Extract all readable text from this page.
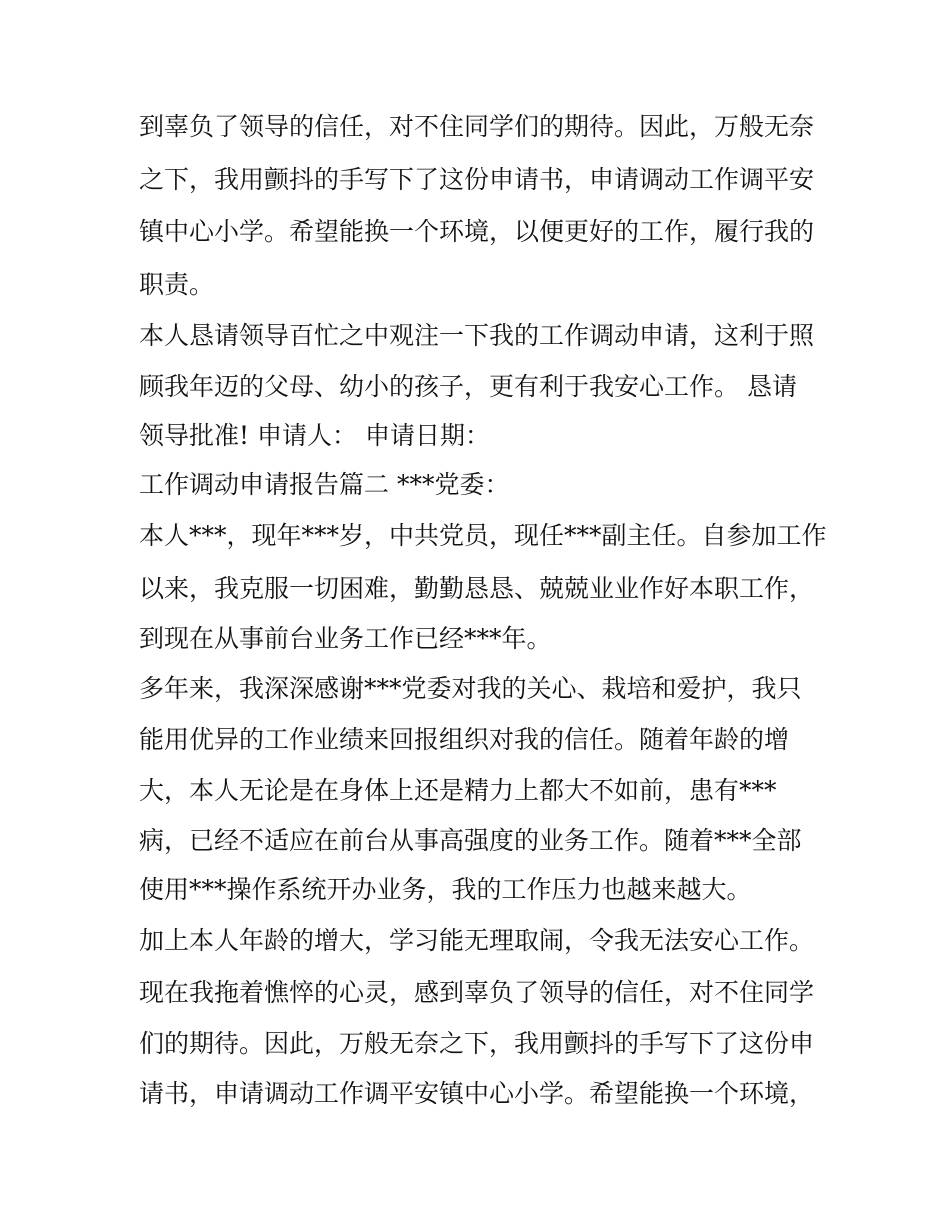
到辜负了领导的信任，对不住同学们的期待。因此，万般无奈
之下，我用颤抖的手写下了这份申请书，申请调动工作调平安
镇中心小学。希望能换一个环境，以便更好的工作，履行我的
职责。
本人恳请领导百忙之中观注一下我的工作调动申请，这利于照
顾我年迈的父母、幼小的孩子，更有利于我安心工作。 恳请
领导批准! 申请人： 申请日期：
工作调动申请报告篇二 ***党委：
本人***，现年***岁，中共党员，现任***副主任。自参加工作
以来，我克服一切困难，勤勤恳恳、兢兢业业作好本职工作，
到现在从事前台业务工作已经***年。
多年来，我深深感谢***党委对我的关心、栽培和爱护，我只
能用优异的工作业绩来回报组织对我的信任。随着年龄的增
大，本人无论是在身体上还是精力上都大不如前，患有***
病，已经不适应在前台从事高强度的业务工作。随着***全部
使用***操作系统开办业务，我的工作压力也越来越大。
加上本人年龄的增大，学习能无理取闹，令我无法安心工作。
现在我拖着憔悴的心灵，感到辜负了领导的信任，对不住同学
们的期待。因此，万般无奈之下，我用颤抖的手写下了这份申
请书，申请调动工作调平安镇中心小学。希望能换一个环境，
